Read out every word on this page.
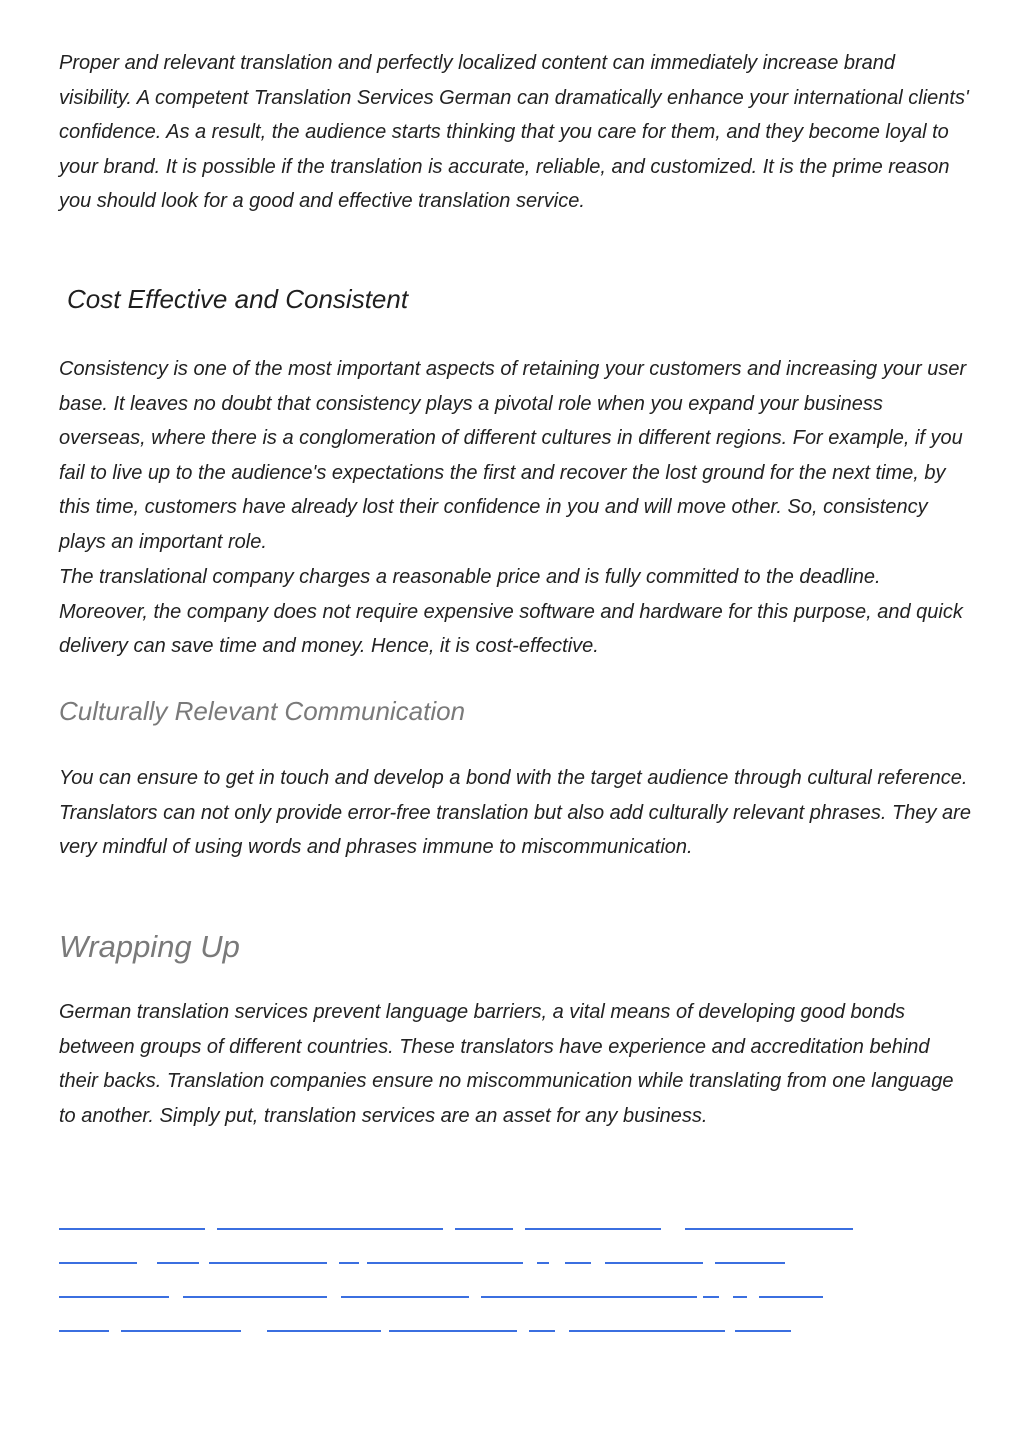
Proper and relevant translation and perfectly localized content can immediately increase brand visibility. A competent Translation Services German can dramatically enhance your international clients' confidence. As a result, the audience starts thinking that you care for them, and they become loyal to your brand. It is possible if the translation is accurate, reliable, and customized. It is the prime reason you should look for a good and effective translation service.

Cost Effective and Consistent

Consistency is one of the most important aspects of retaining your customers and increasing your user base. It leaves no doubt that consistency plays a pivotal role when you expand your business overseas, where there is a conglomeration of different cultures in different regions. For example, if you fail to live up to the audience's expectations the first and recover the lost ground for the next time, by this time, customers have already lost their confidence in you and will move other. So, consistency plays an important role.

The translational company charges a reasonable price and is fully committed to the deadline. Moreover, the company does not require expensive software and hardware for this purpose, and quick delivery can save time and money. Hence, it is cost-effective.

Culturally Relevant Communication

You can ensure to get in touch and develop a bond with the target audience through cultural reference. Translators can not only provide error-free translation but also add culturally relevant phrases. They are very mindful of using words and phrases immune to miscommunication.

Wrapping Up

German translation services prevent language barriers, a vital means of developing good bonds between groups of different countries. These translators have experience and accreditation behind their backs. Translation companies ensure no miscommunication while translating from one language to another. Simply put, translation services are an asset for any business.
